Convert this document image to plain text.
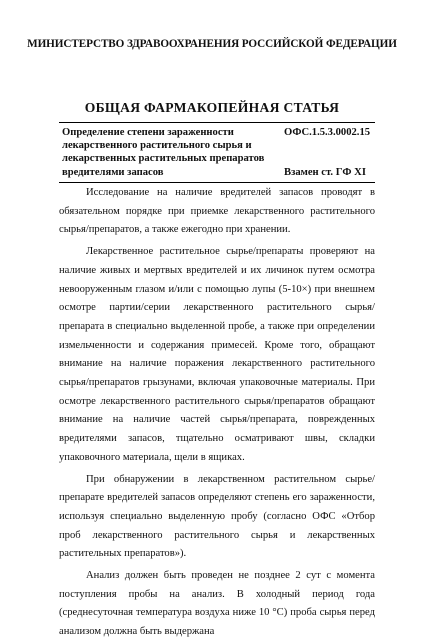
МИНИСТЕРСТВО ЗДРАВООХРАНЕНИЯ РОССИЙСКОЙ ФЕДЕРАЦИИ
ОБЩАЯ ФАРМАКОПЕЙНАЯ СТАТЬЯ
Определение степени зараженности
лекарственного растительного сырья и
лекарственных растительных препаратов
вредителями запасов
ОФС.1.5.3.0002.15
Взамен ст. ГФ XI

Исследование на наличие вредителей запасов проводят в обязательном порядке при приемке лекарственного растительного сырья/препаратов, а также ежегодно при хранении.

Лекарственное растительное сырье/препараты проверяют на наличие живых и мертвых вредителей и их личинок путем осмотра невооруженным глазом и/или с помощью лупы (5-10×) при внешнем осмотре партии/серии лекарственного растительного сырья/препарата в специально выделенной пробе, а также при определении измельченности и содержания примесей. Кроме того, обращают внимание на наличие поражения лекарственного растительного сырья/препаратов грызунами, включая упаковочные материалы. При осмотре лекарственного растительного сырья/препаратов обращают внимание на наличие частей сырья/препарата, поврежденных вредителями запасов, тщательно осматривают швы, складки упаковочного материала, щели в ящиках.

При обнаружении в лекарственном растительном сырье/препарате вредителей запасов определяют степень его зараженности, используя специально выделенную пробу (согласно ОФС «Отбор проб лекарственного растительного сырья и лекарственных растительных препаратов»).

Анализ должен быть проведен не позднее 2 сут с момента поступления пробы на анализ. В холодный период года (среднесуточная температура воздуха ниже 10 °С) проба сырья перед анализом должна быть выдержана
